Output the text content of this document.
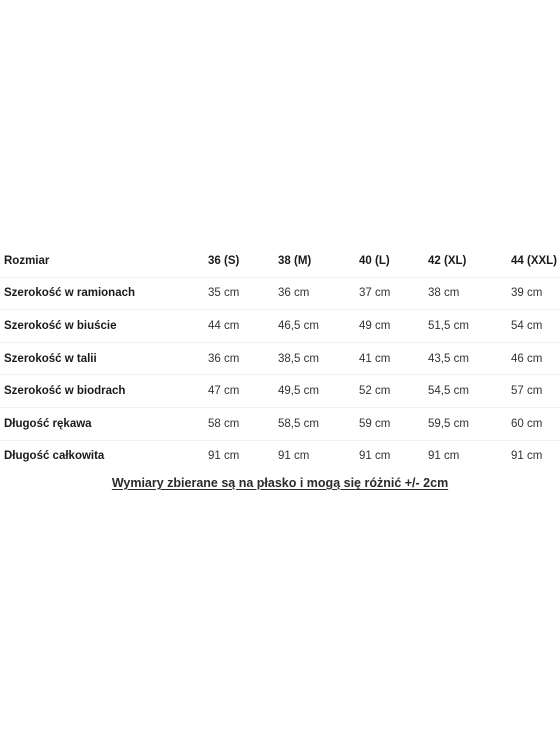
Rozmiar	36 (S)	38 (M)	40 (L)	42 (XL)	44 (XXL)
Szerokość w ramionach	35 cm	36 cm	37 cm	38 cm	39 cm
Szerokość w biuście	44 cm	46,5 cm	49 cm	51,5 cm	54 cm
Szerokość w talii	36 cm	38,5 cm	41 cm	43,5 cm	46 cm
Szerokość w biodrach	47 cm	49,5 cm	52 cm	54,5 cm	57 cm
Długość rękawa	58 cm	58,5 cm	59 cm	59,5 cm	60 cm
Długość całkowita	91 cm	91 cm	91 cm	91 cm	91 cm
Wymiary zbierane są na płasko i mogą się różnić +/- 2cm
